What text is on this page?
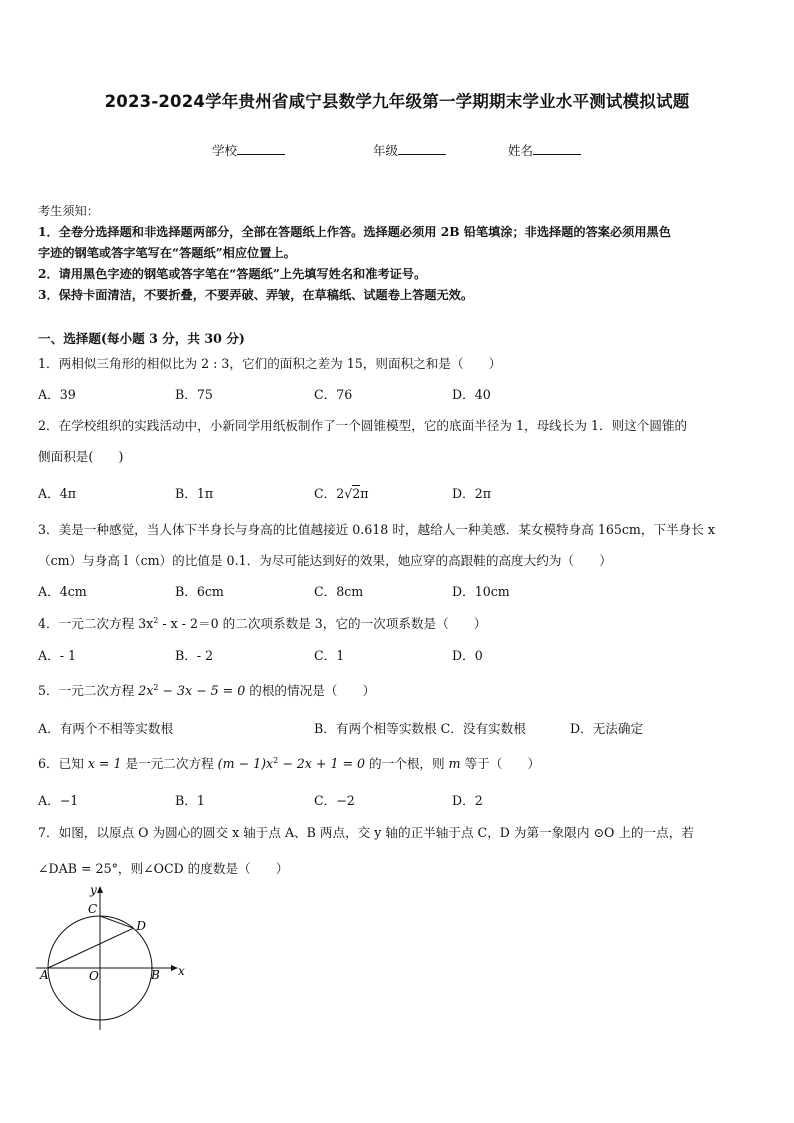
2023-2024学年贵州省咸宁县数学九年级第一学期期末学业水平测试模拟试题
学校	年级	姓名
考生须知：
1．全卷分选择题和非选择题两部分，全部在答题纸上作答。选择题必须用 2B 铅笔填涂；非选择题的答案必须用黑色
字迹的钢笔或答字笔写在“答题纸”相应位置上。
2．请用黑色字迹的钢笔或答字笔在“答题纸”上先填写姓名和准考证号。
3．保持卡面清洁，不要折叠，不要弄破、弄皱，在草稿纸、试题卷上答题无效。
一、选择题(每小题 3 分，共 30 分)
1．两相似三角形的相似比为 2 : 3，它们的面积之差为 15，则面积之和是（　　）
A．39	B．75	C．76	D．40
2．在学校组织的实践活动中，小新同学用纸板制作了一个圆锥模型，它的底面半径为 1，母线长为 1．则这个圆锥的
侧面积是(　　)
A．4π	B．1π	C．2√2π	D．2π
3．美是一种感觉，当人体下半身长与身高的比值越接近 0.618 时，越给人一种美感．某女模特身高 165cm，下半身长 x
（cm）与身高 l（cm）的比值是 0.1．为尽可能达到好的效果，她应穿的高跟鞋的高度大约为（　　）
A．4cm	B．6cm	C．8cm	D．10cm
4．一元二次方程 $3x^2 - x - 2=0$ 的二次项系数是 3，它的一次项系数是（　　）
A．- 1	B．- 2	C．1	D．0
5．一元二次方程 $2x^2 - 3x - 5 = 0$ 的根的情况是（　　）
A．有两个不相等实数根	B．有两个相等实数根 C．没有实数根	D．无法确定
6．已知 x = 1 是一元二次方程 $(m - 1)x^2 - 2x + 1 = 0$ 的一个根，则 m 等于（　　）
A．−1	B．1	C．−2	D．2
7．如图，以原点 O 为圆心的圆交 x 轴于点 A、B 两点，交 y 轴的正半轴于点 C，D 为第一象限内 ⊙O 上的一点，若
∠DAB = 25°，则∠OCD 的度数是（　　）
y
x
C
D
A	O	B
